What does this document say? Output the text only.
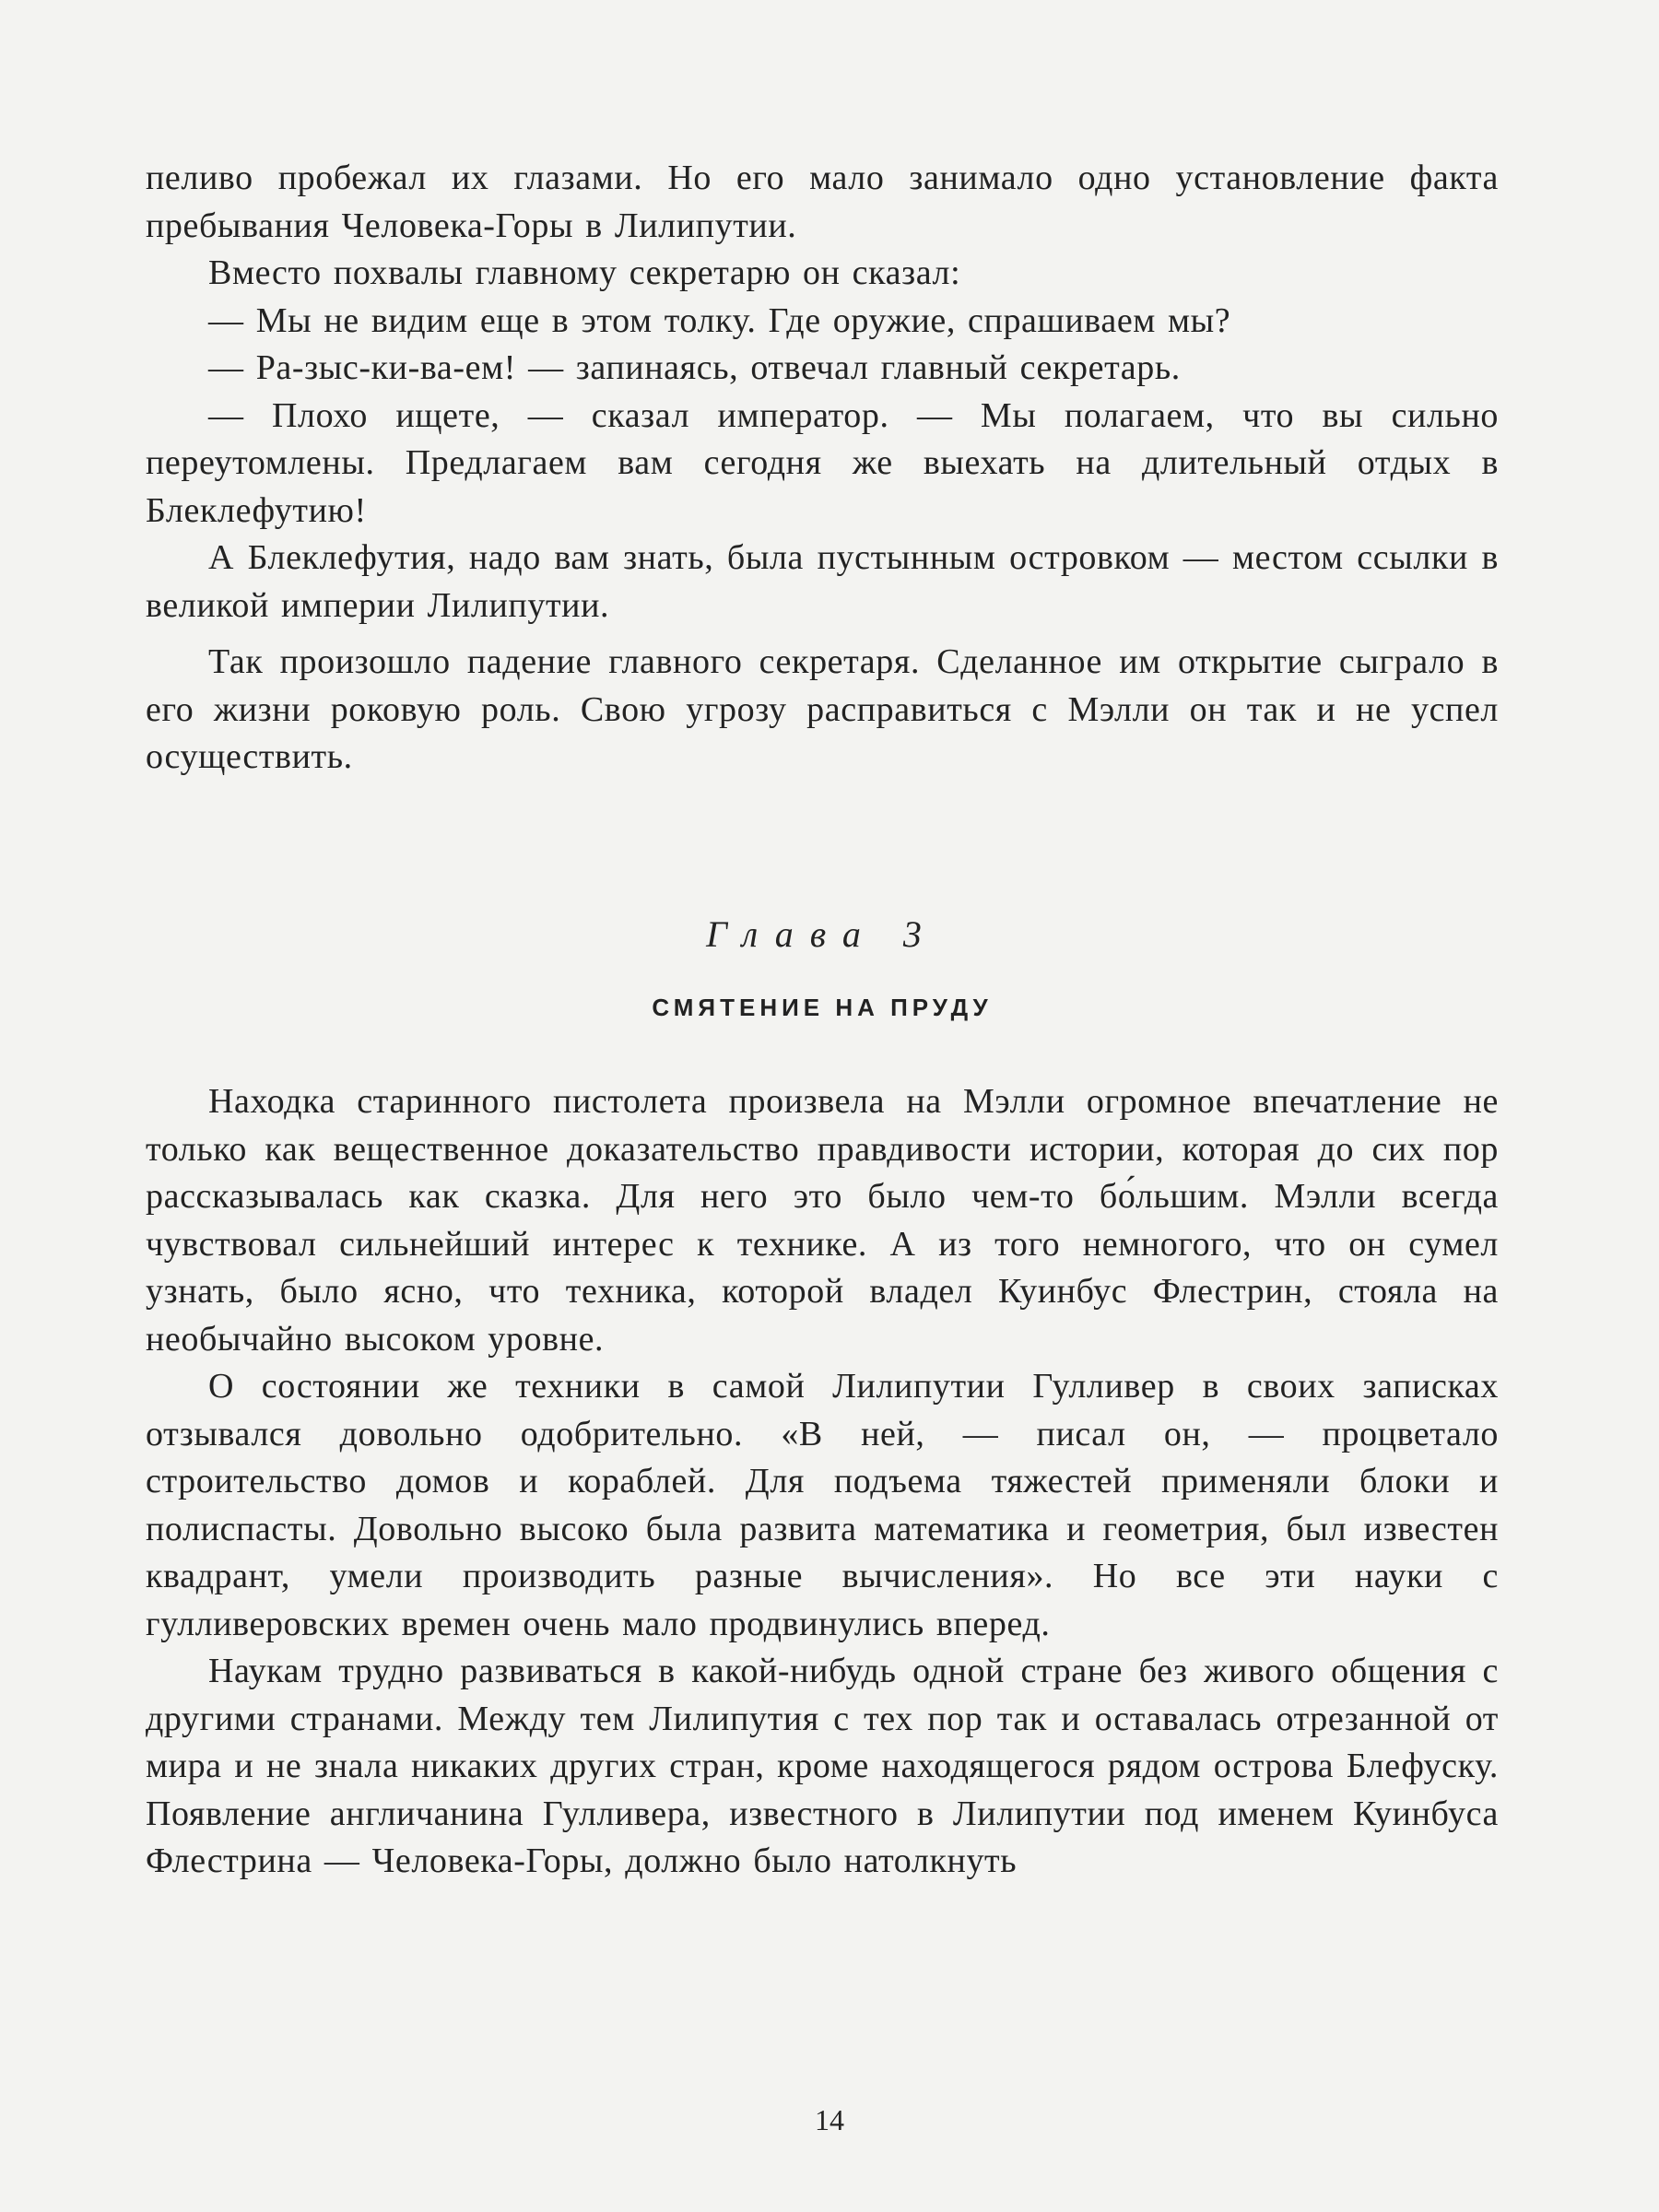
пеливо пробежал их глазами. Но его мало занимало одно установление факта пребывания Человека-Горы в Лилипутии.

Вместо похвалы главному секретарю он сказал:

— Мы не видим еще в этом толку. Где оружие, спрашиваем мы?

— Ра-зыс-ки-ва-ем! — запинаясь, отвечал главный секретарь.

— Плохо ищете, — сказал император. — Мы полагаем, что вы сильно переутомлены. Предлагаем вам сегодня же выехать на длительный отдых в Блеклефутию!

А Блеклефутия, надо вам знать, была пустынным островком — местом ссылки в великой империи Лилипутии.

Так произошло падение главного секретаря. Сделанное им открытие сыграло в его жизни роковую роль. Свою угрозу расправиться с Мэлли он так и не успел осуществить.

Глава 3
СМЯТЕНИЕ НА ПРУДУ

Находка старинного пистолета произвела на Мэлли огромное впечатление не только как вещественное доказательство правдивости истории, которая до сих пор рассказывалась как сказка. Для него это было чем-то бо́льшим. Мэлли всегда чувствовал сильнейший интерес к технике. А из того немногого, что он сумел узнать, было ясно, что техника, которой владел Куинбус Флестрин, стояла на необычайно высоком уровне.

О состоянии же техники в самой Лилипутии Гулливер в своих записках отзывался довольно одобрительно. «В ней, — писал он, — процветало строительство домов и кораблей. Для подъема тяжестей применяли блоки и полиспасты. Довольно высоко была развита математика и геометрия, был известен квадрант, умели производить разные вычисления». Но все эти науки с гулливеровских времен очень мало продвинулись вперед.

Наукам трудно развиваться в какой-нибудь одной стране без живого общения с другими странами. Между тем Лилипутия с тех пор так и оставалась отрезанной от мира и не знала никаких других стран, кроме находящегося рядом острова Блефуску. Появление англичанина Гулливера, известного в Лилипутии под именем Куинбуса Флестрина — Человека-Горы, должно было натолкнуть

14
